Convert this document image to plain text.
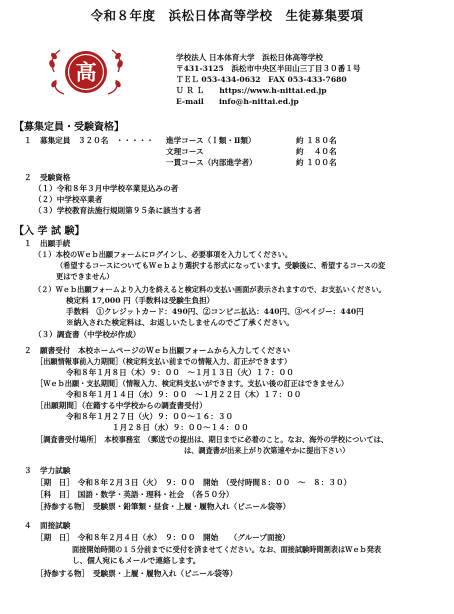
令和８年度　浜松日体高等学校　生徒募集要項
高
学校法人 日本体育大学　浜松日体高等学校
〒431-3125　浜松市中央区半田山三丁目３０番１号
ＴＥＬ 053-434-0632　FAX 053-433-7680
Ｕ Ｒ Ｌ　　https://www.h-nittai.ed.jp
E-mail　　info@h-nittai.ed.jp
【募集定員・受験資格】
１ 募集定員　３２０名　・・・・・ 進学コース（Ｉ類・Ⅱ類）	約 １８０名
文理コース	約　 ４０名
一貫コース（内部進学者）	約 １００名
２ 受験資格
（１）令和８年３月中学校卒業見込みの者
（２）中学校卒業者
（３）学校教育法施行規則第９５条に該当する者
【入 学 試 験】
１ 出願手続
（１）本校のＷｅｂ出願フォームにログインし、必要事項を入力してください。
（希望するコースについてもＷｅｂより選択する形式になっています。受験後に、希望するコースの変
更はできません）
（２）Ｗｅｂ出願フォームより入力を終えると検定料の支払い画面が表示されますので、お支払いください。
検定料 17,000 円（手数料は受験生負担）
手数料　①クレジットカード：490円、②コンビニ払込：440円、③ペイジー：440円
※納入された検定料は、お返しいたしませんのでご了承ください。
（３）調査書（中学校が作成）
２ 願書受付　本校ホームページのＷｅｂ出願フォームから入力してください
［出願情報事前入力期間］（検定料支払い前までの情報入力、訂正ができます）
令和８年１月８日（木）９：００　～１月１３日（火）１７：００
［Ｗｅｂ出願・支払期間］（情報入力、検定料支払いができます。支払い後の訂正はできません）
令和８年１月１４日（水）９：００　～１月２２日（木）１７：００
［出願期間］（在籍する中学校からの調査書受付）
令和８年１月２７日（火）９：００～１６：３０
１月２８日（水）９：００～１４：００
［調査書受付場所］　本校事務室　（郵送での提出は、期日までに必着のこと。なお、海外の学校については、
は、調査書が出来上がり次第速やかに提出下さい）
３ 学力試験
［期　日］　令和８年２月３日（火）　９：００　開始　（受付時間８：００　～　８：３０）
［科　目］　国語・数学・英語・理科・社会　（各５０分）
［持参する物］　受験票・鉛筆類・昼食・上履・履物入れ（ビニール袋等）
４ 面接試験
［期　日］　令和８年２月４日（水）　９：００　開始　　（グループ面接）
面接開始時間の１５分前までに受付を済ませてください。なお、面接試験時間割表はＷｅｂ発表
し、個人宛にもメールで連絡します。
［持参する物］　受験票・上履・履物入れ（ビニール袋等）
